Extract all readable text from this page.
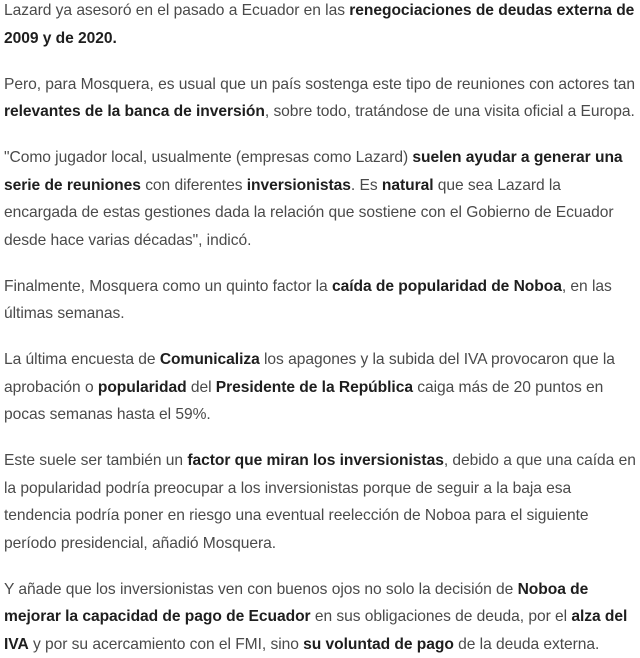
Lazard ya asesoró en el pasado a Ecuador en las renegociaciones de deudas externa de 2009 y de 2020.

Pero, para Mosquera, es usual que un país sostenga este tipo de reuniones con actores tan relevantes de la banca de inversión, sobre todo, tratándose de una visita oficial a Europa.

"Como jugador local, usualmente (empresas como Lazard) suelen ayudar a generar una serie de reuniones con diferentes inversionistas. Es natural que sea Lazard la encargada de estas gestiones dada la relación que sostiene con el Gobierno de Ecuador desde hace varias décadas", indicó.

Finalmente, Mosquera como un quinto factor la caída de popularidad de Noboa, en las últimas semanas.

La última encuesta de Comunicaliza los apagones y la subida del IVA provocaron que la aprobación o popularidad del Presidente de la República caiga más de 20 puntos en pocas semanas hasta el 59%.

Este suele ser también un factor que miran los inversionistas, debido a que una caída en la popularidad podría preocupar a los inversionistas porque de seguir a la baja esa tendencia podría poner en riesgo una eventual reelección de Noboa para el siguiente período presidencial, añadió Mosquera.

Y añade que los inversionistas ven con buenos ojos no solo la decisión de Noboa de mejorar la capacidad de pago de Ecuador en sus obligaciones de deuda, por el alza del IVA y por su acercamiento con el FMI, sino su voluntad de pago de la deuda externa.
